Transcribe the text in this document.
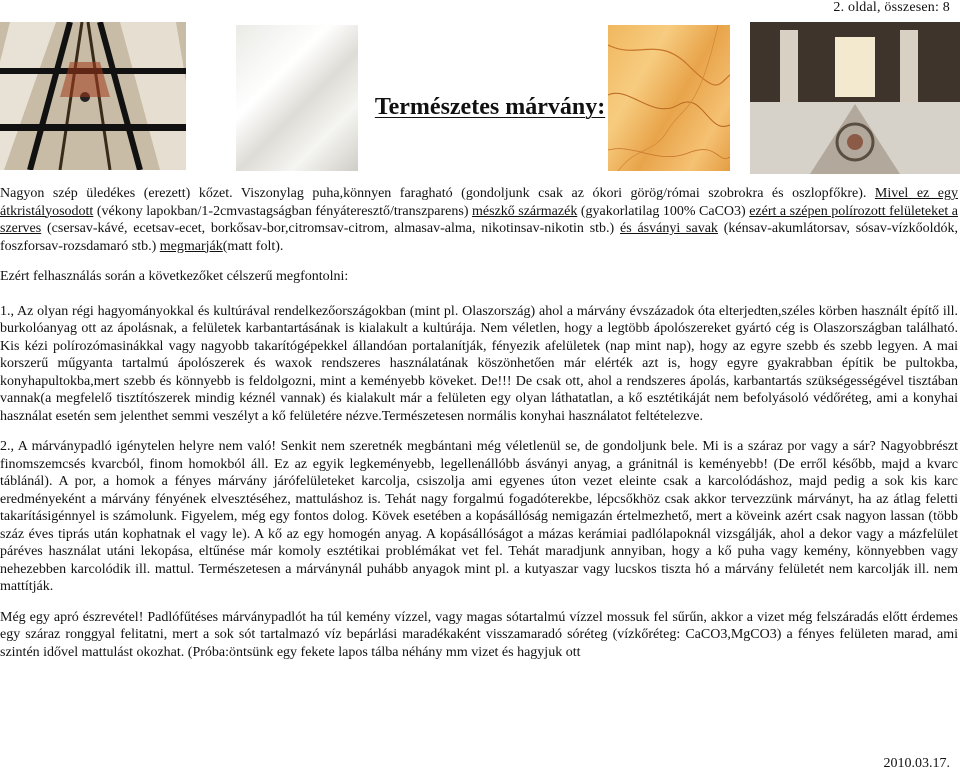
2. oldal, összesen: 8
Természetes márvány:

Nagyon szép üledékes (erezett) kőzet. Viszonylag puha,könnyen faragható (gondoljunk csak az ókori görög/római szobrokra és oszlopfőkre). Mivel ez egy átkristályosodott (vékony lapokban/1-2cmvastagságban fényáteresztő/transzparens) mészkő származék (gyakorlatilag 100% CaCO3) ezért a szépen polírozott felületeket a szerves (csersav-kávé, ecetsav-ecet, borkősav-bor,citromsav-citrom, almasav-alma, nikotinsav-nikotin stb.) és ásványi savak (kénsav-akumlátorsav, sósav-vízkőoldók, foszforsav-rozsdamaró stb.) megmarják(matt folt).

Ezért felhasználás során a következőket célszerű megfontolni:

1., Az olyan régi hagyományokkal és kultúrával rendelkezőországokban (mint pl. Olaszország) ahol a márvány évszázadok óta elterjedten,széles körben használt építő ill. burkolóanyag ott az ápolásnak, a felületek karbantartásának is kialakult a kultúrája. Nem véletlen, hogy a legtöbb ápolószereket gyártó cég is Olaszországban található. Kis kézi polírozómasinákkal vagy nagyobb takarítógépekkel állandóan portalanítják, fényezik afelületek (nap mint nap), hogy az egyre szebb és szebb legyen. A mai korszerű műgyanta tartalmú ápolószerek és waxok rendszeres használatának köszönhetően már elérték azt is, hogy egyre gyakrabban építik be pultokba, konyhapultokba,mert szebb és könnyebb is feldolgozni, mint a keményebb köveket. De!!! De csak ott, ahol a rendszeres ápolás, karbantartás szükségességével tisztában vannak(a megfelelő tisztítószerek mindig kéznél vannak) és kialakult már a felületen egy olyan láthatatlan, a kő esztétikáját nem befolyásoló védőréteg, ami a konyhai használat esetén sem jelenthet semmi veszélyt a kő felületére nézve.Természetesen normális konyhai használatot feltételezve.

2., A márványpadló igénytelen helyre nem való! Senkit nem szeretnék megbántani még véletlenül se, de gondoljunk bele. Mi is a száraz por vagy a sár? Nagyobbrészt finomszemcsés kvarcból, finom homokból áll. Ez az egyik legkeményebb, legellenállóbb ásványi anyag, a gránitnál is keményebb! (De erről később, majd a kvarc táblánál). A por, a homok a fényes márvány járófelületeket karcolja, csiszolja ami egyenes úton vezet eleinte csak a karcolódáshoz, majd pedig a sok kis karc eredményeként a márvány fényének elvesztéséhez, mattuláshoz is. Tehát nagy forgalmú fogadóterekbe, lépcsőkhöz csak akkor tervezzünk márványt, ha az átlag feletti takarításigénnyel is számolunk. Figyelem, még egy fontos dolog. Kövek esetében a kopásállóság nemigazán értelmezhető, mert a köveink azért csak nagyon lassan (több száz éves tiprás után kophatnak el vagy le). A kő az egy homogén anyag. A kopásállóságot a mázas kerámiai padlólapoknál vizsgálják, ahol a dekor vagy a mázfelület páréves használat utáni lekopása, eltűnése már komoly esztétikai problémákat vet fel. Tehát maradjunk annyiban, hogy a kő puha vagy kemény, könnyebben vagy nehezebben karcolódik ill. mattul. Természetesen a márványnál puhább anyagok mint pl. a kutyaszar vagy lucskos tiszta hó a márvány felületét nem karcolják ill. nem mattítják.

Még egy apró észrevétel! Padlófűtéses márványpadlót ha túl kemény vízzel, vagy magas sótartalmú vízzel mossuk fel sűrűn, akkor a vizet még felszáradás előtt érdemes egy száraz ronggyal felitatni, mert a sok sót tartalmazó víz bepárlási maradékaként visszamaradó sóréteg (vízkőréteg: CaCO3,MgCO3) a fényes felületen marad, ami szintén idővel mattulást okozhat. (Próba:öntsünk egy fekete lapos tálba néhány mm vizet és hagyjuk ott

2010.03.17.
